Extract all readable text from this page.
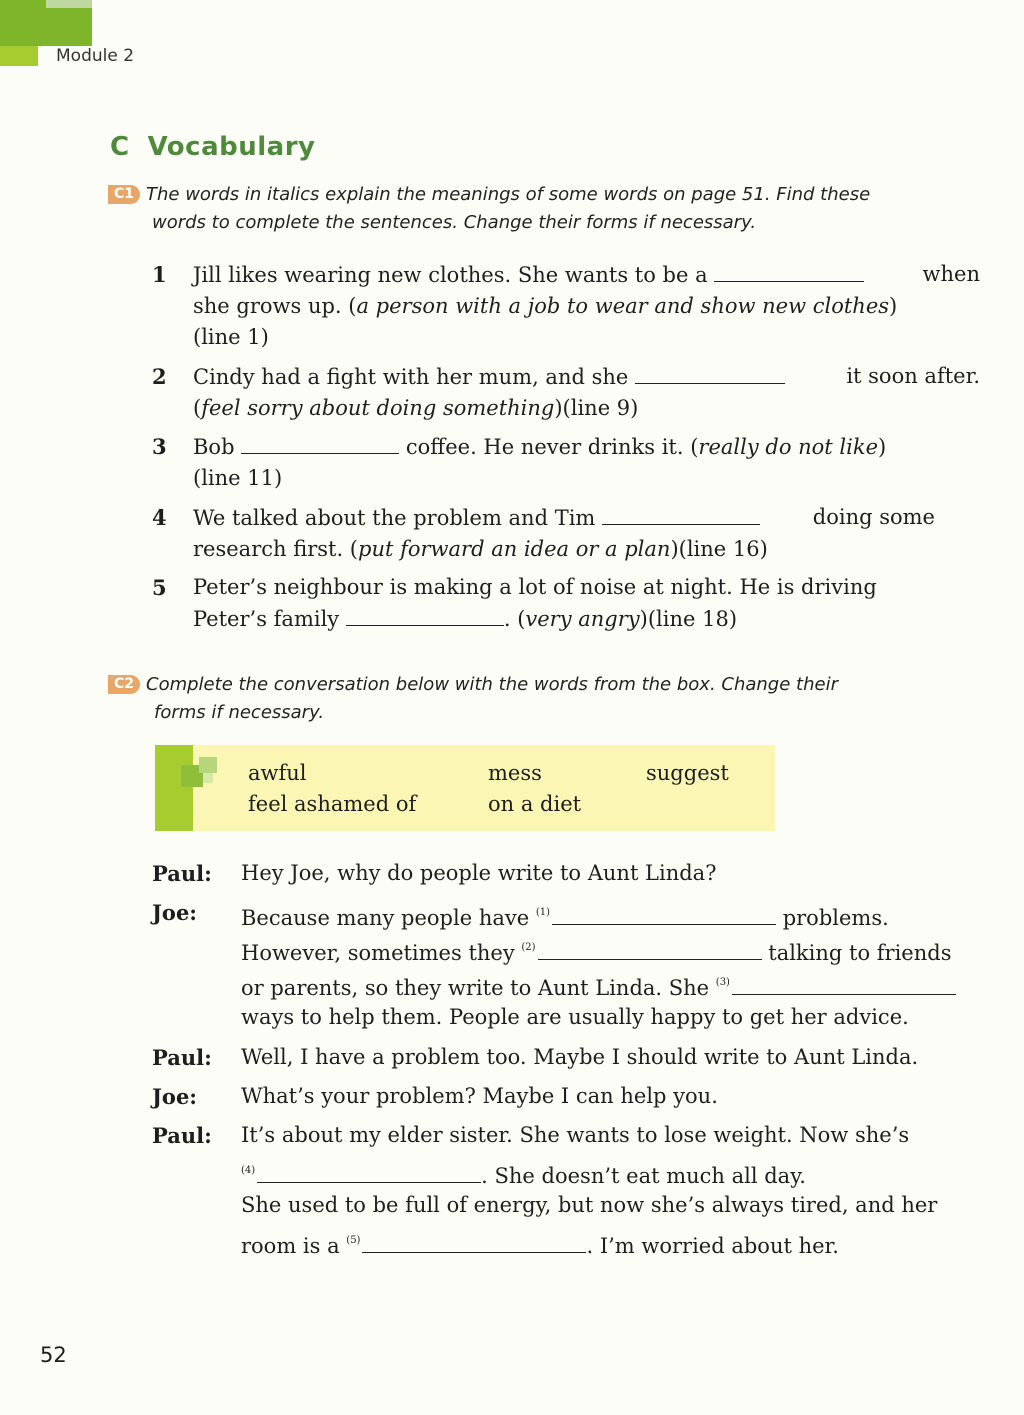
Module 2
C Vocabulary
C1 The words in italics explain the meanings of some words on page 51. Find these
words to complete the sentences. Change their forms if necessary.
1 Jill likes wearing new clothes. She wants to be a	when
she grows up. (a person with a job to wear and show new clothes)
(line 1)
2 Cindy had a fight with her mum, and she	it soon after.
(feel sorry about doing something)(line 9)
3 Bob	coffee. He never drinks it. (really do not like)
(line 11)
4 We talked about the problem and Tim	doing some
research first. (put forward an idea or a plan)(line 16)
5 Peter’s neighbour is making a lot of noise at night. He is driving
Peter’s family	. (very angry)(line 18)
C2 Complete the conversation below with the words from the box. Change their
forms if necessary.
awful	mess	suggest
feel ashamed of	on a diet
Paul: Hey Joe, why do people write to Aunt Linda?
Joe: Because many people have $^{(1)}$	problems.
However, sometimes they $^{(2)}$	talking to friends
or parents, so they write to Aunt Linda. She $^{(3)}$
ways to help them. People are usually happy to get her advice.
Paul: Well, I have a problem too. Maybe I should write to Aunt Linda.
Joe: What’s your problem? Maybe I can help you.
Paul: It’s about my elder sister. She wants to lose weight. Now she’s
$^{(4)}$	. She doesn’t eat much all day.
She used to be full of energy, but now she’s always tired, and her
room is a $^{(5)}$	. I’m worried about her.
52
